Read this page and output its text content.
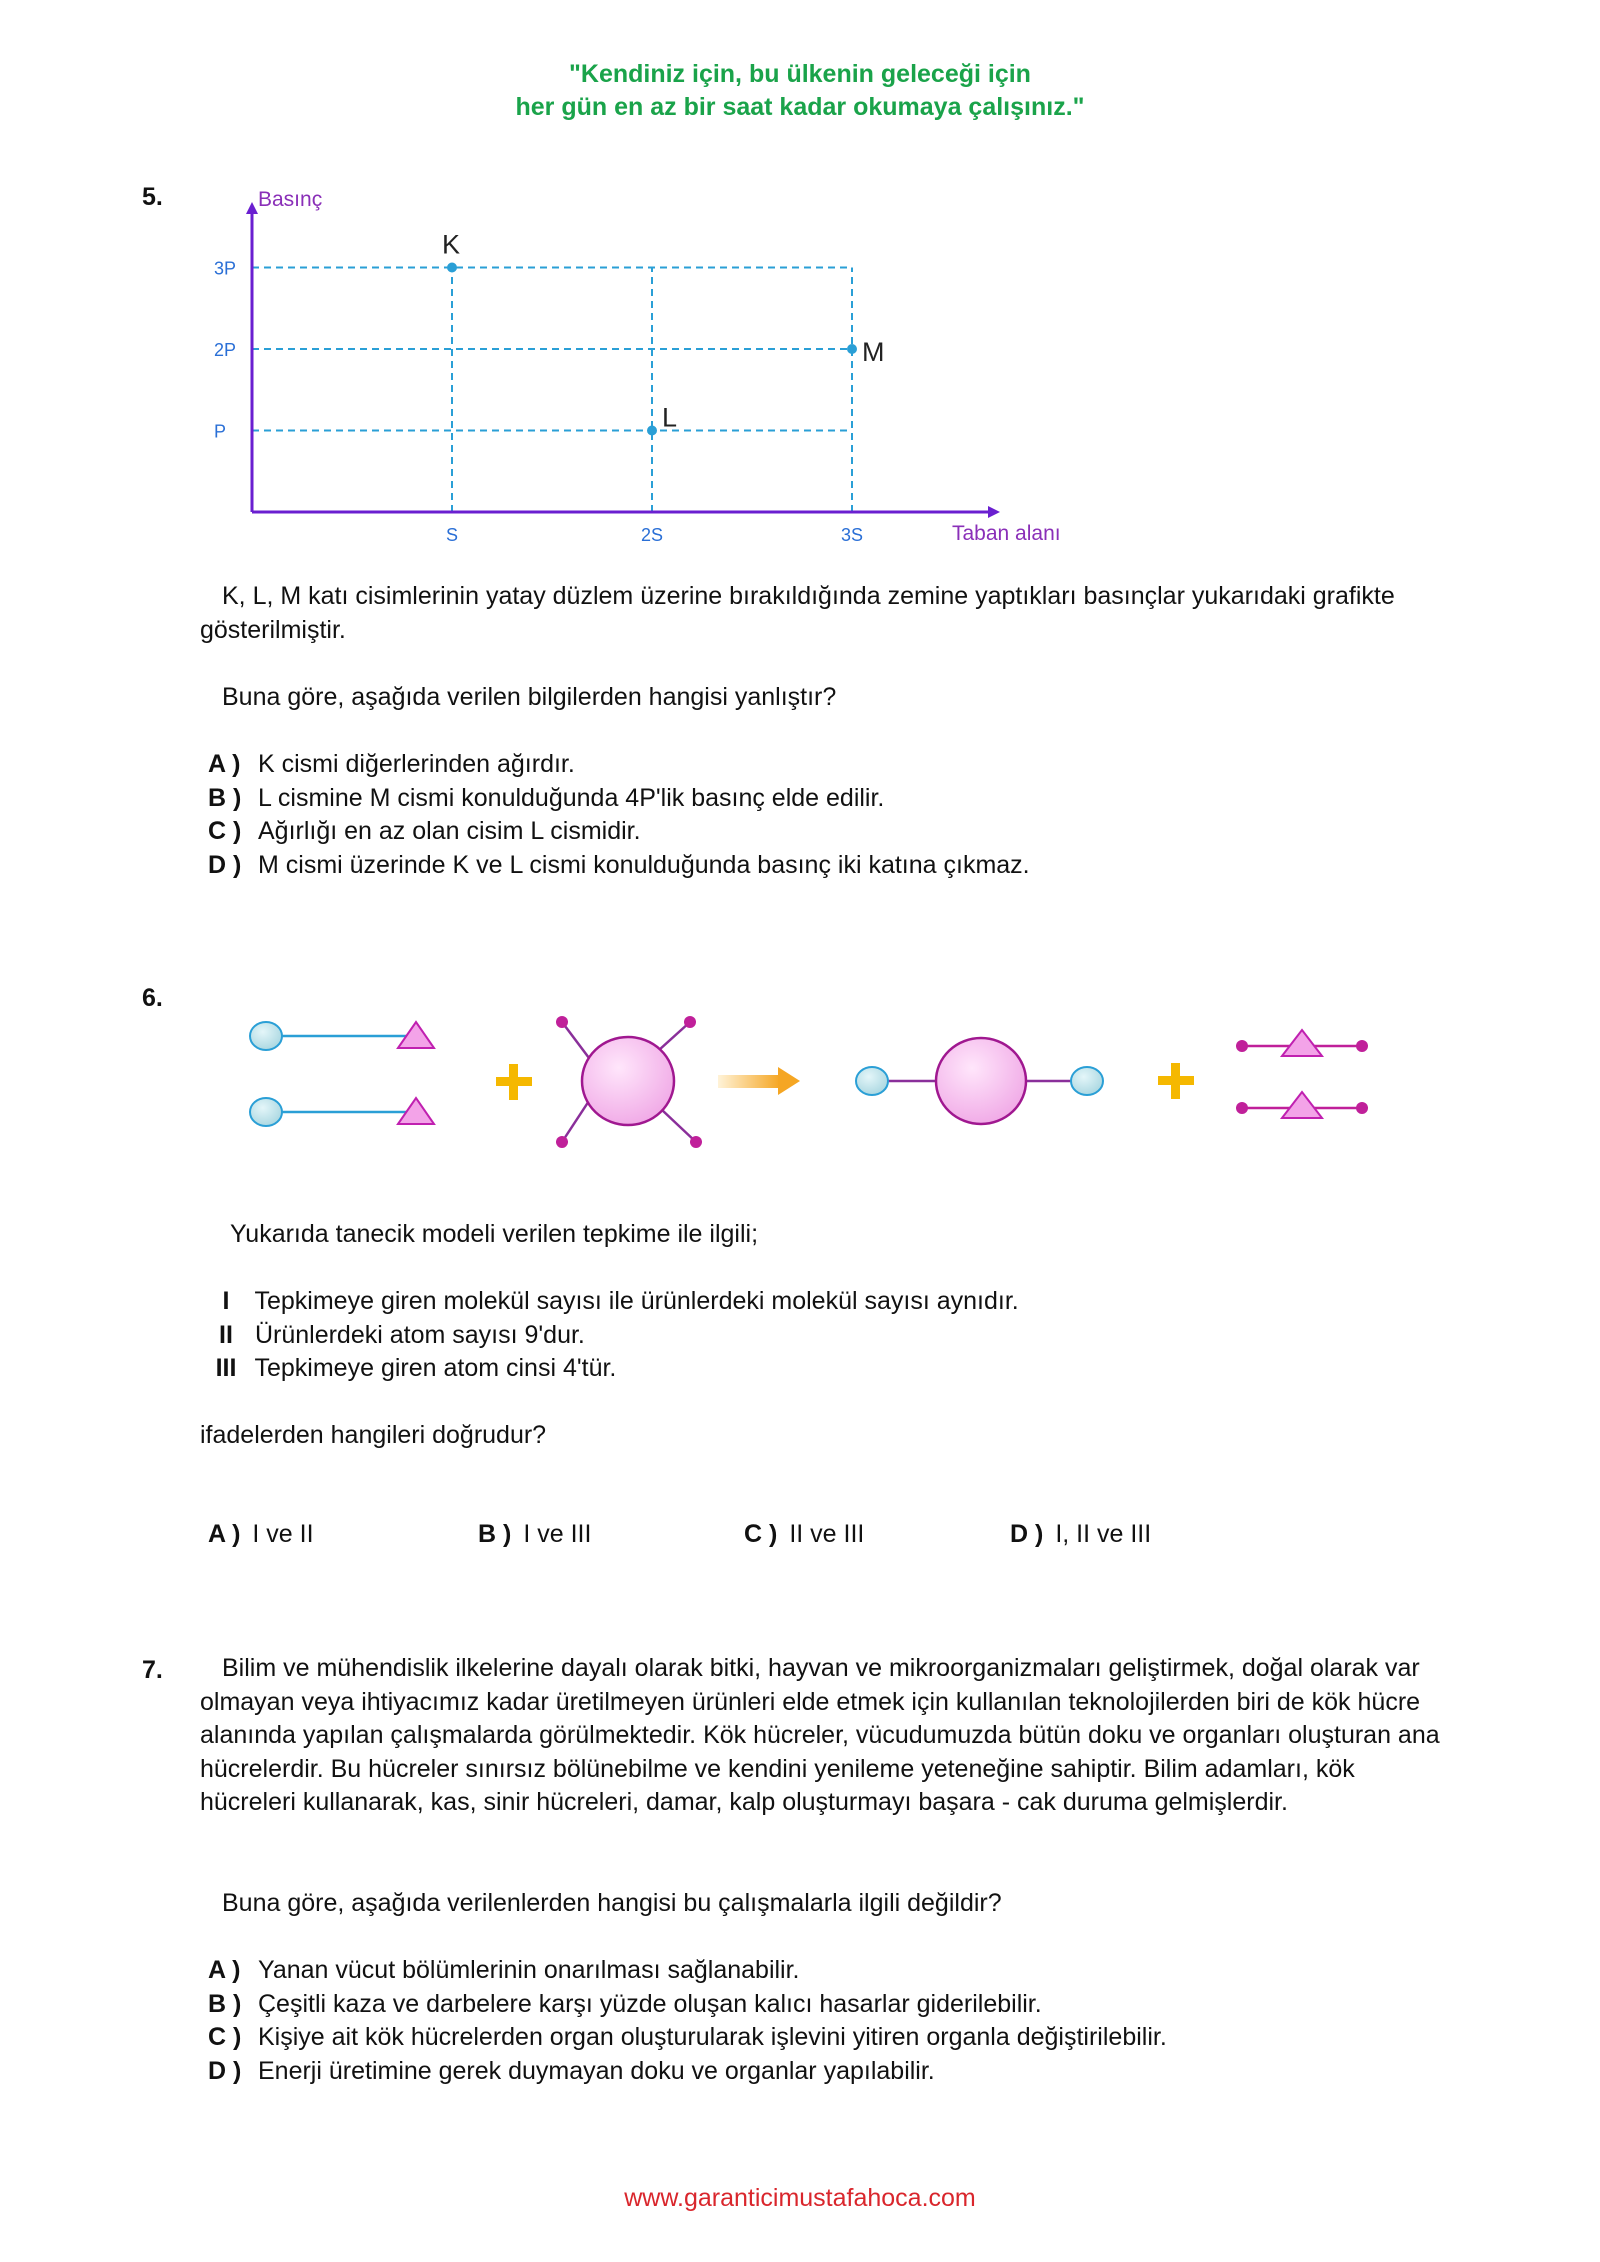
"Kendiniz için, bu ülkenin geleceği için
her gün en az bir saat kadar okumaya çalışınız."
5.	Basınç
Taban alanı
P
2P
3P
S	2S	3S
K
L
M
K, L, M katı cisimlerinin yatay düzlem üzerine bırakıldığında zemine yaptıkları basınçlar yukarıdaki grafikte gösterilmiştir.
Buna göre, aşağıda verilen bilgilerden hangisi yanlıştır?
A ) K cismi diğerlerinden ağırdır.
B ) L cismine M cismi konulduğunda 4P'lik basınç elde edilir.
C ) Ağırlığı en az olan cisim L cismidir.
D ) M cismi üzerinde K ve L cismi konulduğunda basınç iki katına çıkmaz.
6.
Yukarıda tanecik modeli verilen tepkime ile ilgili;
I Tepkimeye giren molekül sayısı ile ürünlerdeki molekül sayısı aynıdır.
II Ürünlerdeki atom sayısı 9'dur.
III Tepkimeye giren atom cinsi 4'tür.
ifadelerden hangileri doğrudur?
A ) I ve II	B ) I ve III	C ) II ve III	D ) I, II ve III
7.	Bilim ve mühendislik ilkelerine dayalı olarak bitki, hayvan ve mikroorganizmaları geliştirmek, doğal olarak var olmayan veya ihtiyacımız kadar üretilmeyen ürünleri elde etmek için kullanılan teknolojilerden biri de kök hücre alanında yapılan çalışmalarda görülmektedir. Kök hücreler, vücudumuzda bütün doku ve organları oluşturan ana hücrelerdir. Bu hücreler sınırsız bölünebilme ve kendini yenileme yeteneğine sahiptir. Bilim adamları, kök hücreleri kullanarak, kas, sinir hücreleri, damar, kalp oluşturmayı başara - cak duruma gelmişlerdir.
Buna göre, aşağıda verilenlerden hangisi bu çalışmalarla ilgili değildir?
A ) Yanan vücut bölümlerinin onarılması sağlanabilir.
B ) Çeşitli kaza ve darbelere karşı yüzde oluşan kalıcı hasarlar giderilebilir.
C ) Kişiye ait kök hücrelerden organ oluşturularak işlevini yitiren organla değiştirilebilir.
D ) Enerji üretimine gerek duymayan doku ve organlar yapılabilir.
www.garanticimustafahoca.com
